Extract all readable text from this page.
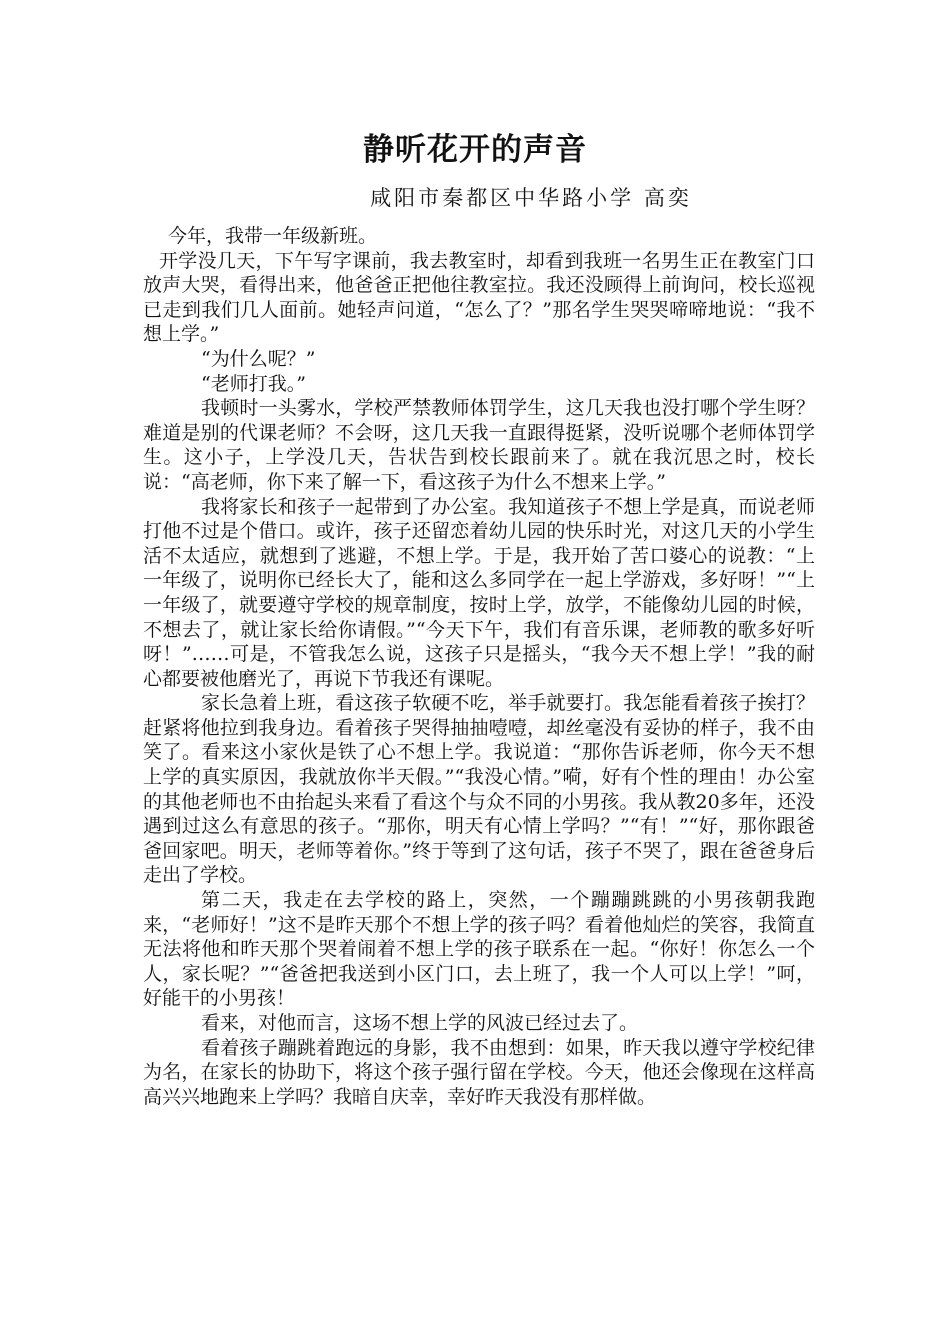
静听花开的声音
咸阳市秦都区中华路小学 高奕

今年，我带一年级新班。

开学没几天，下午写字课前，我去教室时，却看到我班一名男生正在教室门口放声大哭，看得出来，他爸爸正把他往教室拉。我还没顾得上前询问，校长巡视已走到我们几人面前。她轻声问道，“怎么了？”那名学生哭哭啼啼地说：“我不想上学。”

“为什么呢？”

“老师打我。”

我顿时一头雾水，学校严禁教师体罚学生，这几天我也没打哪个学生呀？难道是别的代课老师？不会呀，这几天我一直跟得挺紧，没听说哪个老师体罚学生。这小子，上学没几天，告状告到校长跟前来了。就在我沉思之时，校长说：“高老师，你下来了解一下，看这孩子为什么不想来上学。”

我将家长和孩子一起带到了办公室。我知道孩子不想上学是真，而说老师打他不过是个借口。或许，孩子还留恋着幼儿园的快乐时光，对这几天的小学生活不太适应，就想到了逃避，不想上学。于是，我开始了苦口婆心的说教：“上一年级了，说明你已经长大了，能和这么多同学在一起上学游戏，多好呀！”“上一年级了，就要遵守学校的规章制度，按时上学，放学，不能像幼儿园的时候，不想去了，就让家长给你请假。”“今天下午，我们有音乐课，老师教的歌多好听呀！”……可是，不管我怎么说，这孩子只是摇头，“我今天不想上学！”我的耐心都要被他磨光了，再说下节我还有课呢。

家长急着上班，看这孩子软硬不吃，举手就要打。我怎能看着孩子挨打？赶紧将他拉到我身边。看着孩子哭得抽抽噎噎，却丝毫没有妥协的样子，我不由笑了。看来这小家伙是铁了心不想上学。我说道：“那你告诉老师，你今天不想上学的真实原因，我就放你半天假。”“我没心情。”嗬，好有个性的理由！办公室的其他老师也不由抬起头来看了看这个与众不同的小男孩。我从教20多年，还没遇到过这么有意思的孩子。“那你，明天有心情上学吗？”“有！”“好，那你跟爸爸回家吧。明天，老师等着你。”终于等到了这句话，孩子不哭了，跟在爸爸身后走出了学校。

第二天，我走在去学校的路上，突然，一个蹦蹦跳跳的小男孩朝我跑来，“老师好！”这不是昨天那个不想上学的孩子吗？看着他灿烂的笑容，我简直无法将他和昨天那个哭着闹着不想上学的孩子联系在一起。“你好！你怎么一个人，家长呢？”“爸爸把我送到小区门口，去上班了，我一个人可以上学！”呵，好能干的小男孩！

看来，对他而言，这场不想上学的风波已经过去了。

看着孩子蹦跳着跑远的身影，我不由想到：如果，昨天我以遵守学校纪律为名，在家长的协助下，将这个孩子强行留在学校。今天，他还会像现在这样高高兴兴地跑来上学吗？我暗自庆幸，幸好昨天我没有那样做。
